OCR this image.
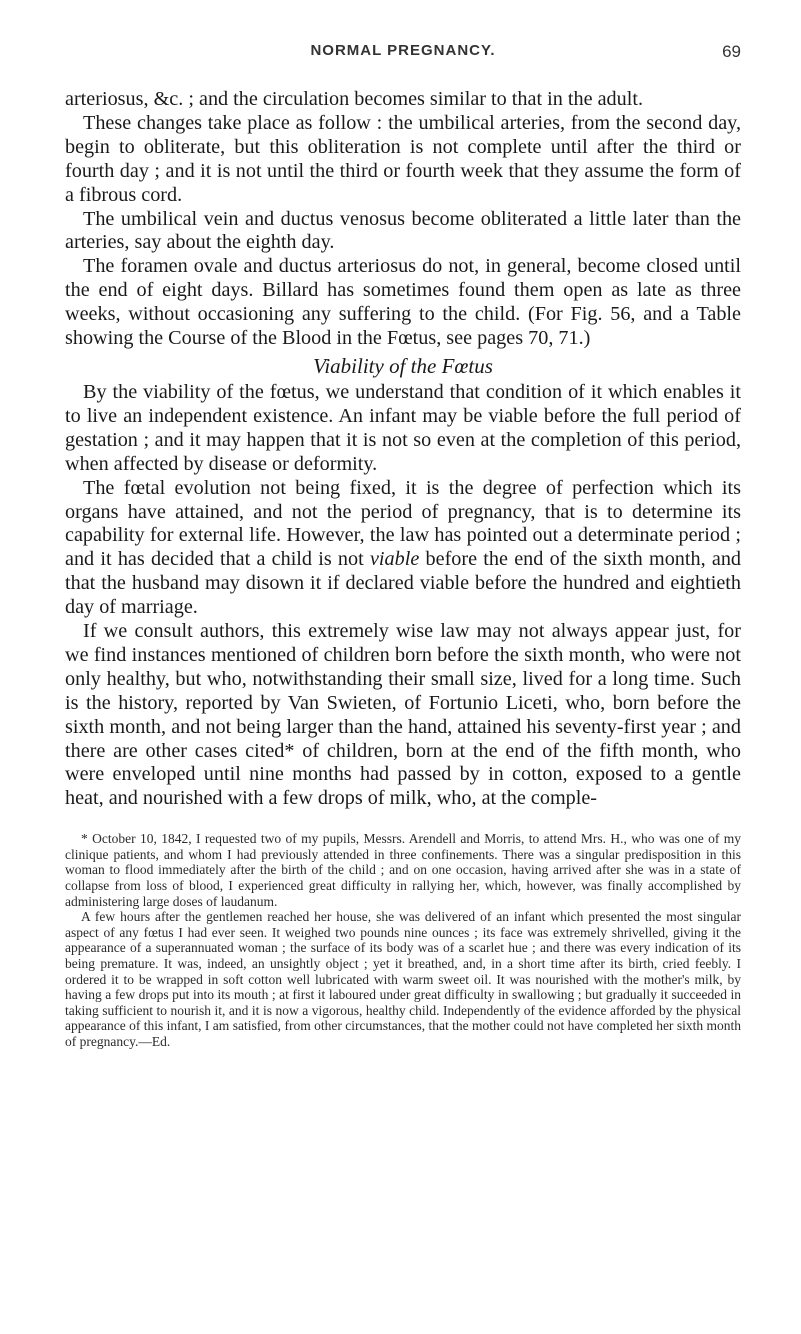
NORMAL PREGNANCY.	69

arteriosus, &c. ; and the circulation becomes similar to that in the adult.

These changes take place as follow : the umbilical arteries, from the second day, begin to obliterate, but this obliteration is not complete until after the third or fourth day ; and it is not until the third or fourth week that they assume the form of a fibrous cord.

The umbilical vein and ductus venosus become obliterated a little later than the arteries, say about the eighth day.

The foramen ovale and ductus arteriosus do not, in general, become closed until the end of eight days. Billard has sometimes found them open as late as three weeks, without occasioning any suffering to the child. (For Fig. 56, and a Table showing the Course of the Blood in the Fœtus, see pages 70, 71.)

Viability of the Fœtus

By the viability of the fœtus, we understand that condition of it which enables it to live an independent existence. An infant may be viable before the full period of gestation ; and it may happen that it is not so even at the completion of this period, when affected by disease or deformity.

The fœtal evolution not being fixed, it is the degree of perfection which its organs have attained, and not the period of pregnancy, that is to determine its capability for external life. However, the law has pointed out a determinate period ; and it has decided that a child is not viable before the end of the sixth month, and that the husband may disown it if declared viable before the hundred and eightieth day of marriage.

If we consult authors, this extremely wise law may not always appear just, for we find instances mentioned of children born before the sixth month, who were not only healthy, but who, notwithstanding their small size, lived for a long time. Such is the history, reported by Van Swieten, of Fortunio Liceti, who, born before the sixth month, and not being larger than the hand, attained his seventy-first year ; and there are other cases cited* of children, born at the end of the fifth month, who were enveloped until nine months had passed by in cotton, exposed to a gentle heat, and nourished with a few drops of milk, who, at the comple-

* October 10, 1842, I requested two of my pupils, Messrs. Arendell and Morris, to attend Mrs. H., who was one of my clinique patients, and whom I had previously attended in three confinements. There was a singular predisposition in this woman to flood immediately after the birth of the child ; and on one occasion, having arrived after she was in a state of collapse from loss of blood, I experienced great difficulty in rallying her, which, however, was finally accomplished by administering large doses of laudanum.

A few hours after the gentlemen reached her house, she was delivered of an infant which presented the most singular aspect of any fœtus I had ever seen. It weighed two pounds nine ounces ; its face was extremely shrivelled, giving it the appearance of a superannuated woman ; the surface of its body was of a scarlet hue ; and there was every indication of its being premature. It was, indeed, an unsightly object ; yet it breathed, and, in a short time after its birth, cried feebly. I ordered it to be wrapped in soft cotton well lubricated with warm sweet oil. It was nourished with the mother's milk, by having a few drops put into its mouth ; at first it laboured under great difficulty in swallowing ; but gradually it succeeded in taking sufficient to nourish it, and it is now a vigorous, healthy child. Independently of the evidence afforded by the physical appearance of this infant, I am satisfied, from other circumstances, that the mother could not have completed her sixth month of pregnancy.—Ed.
